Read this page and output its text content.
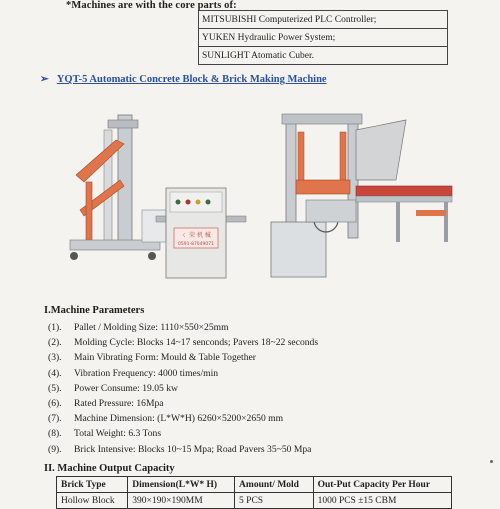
*Machines are with the core parts of:
MITSUBISHI Computerized PLC Controller;
YUKEN Hydraulic Power System;
SUNLIGHT Atomatic Cuber.
➢ YQT-5 Automatic Concrete Block & Brick Making Machine
ㄑ 荣 机 械
0591-87049071
I.Machine Parameters
(1). Pallet / Molding Size: 1110×550×25mm
(2). Molding Cycle: Blocks 14~17 senconds; Pavers 18~22 seconds
(3). Main Vibrating Form: Mould & Table Together
(4). Vibration Frequency: 4000 times/min
(5). Power Consume: 19.05 kw
(6). Rated Pressure: 16Mpa
(7). Machine Dimension: (L*W*H) 6260×5200×2650 mm
(8). Total Weight: 6.3 Tons
(9). Brick Intensive: Blocks 10~15 Mpa; Road Pavers 35~50 Mpa
II. Machine Output Capacity
Brick Type	Dimension(L*W* H)	Amount/ Mold	Out-Put Capacity Per Hour
Hollow Block	390×190×190MM	5 PCS	1000 PCS ±15 CBM
